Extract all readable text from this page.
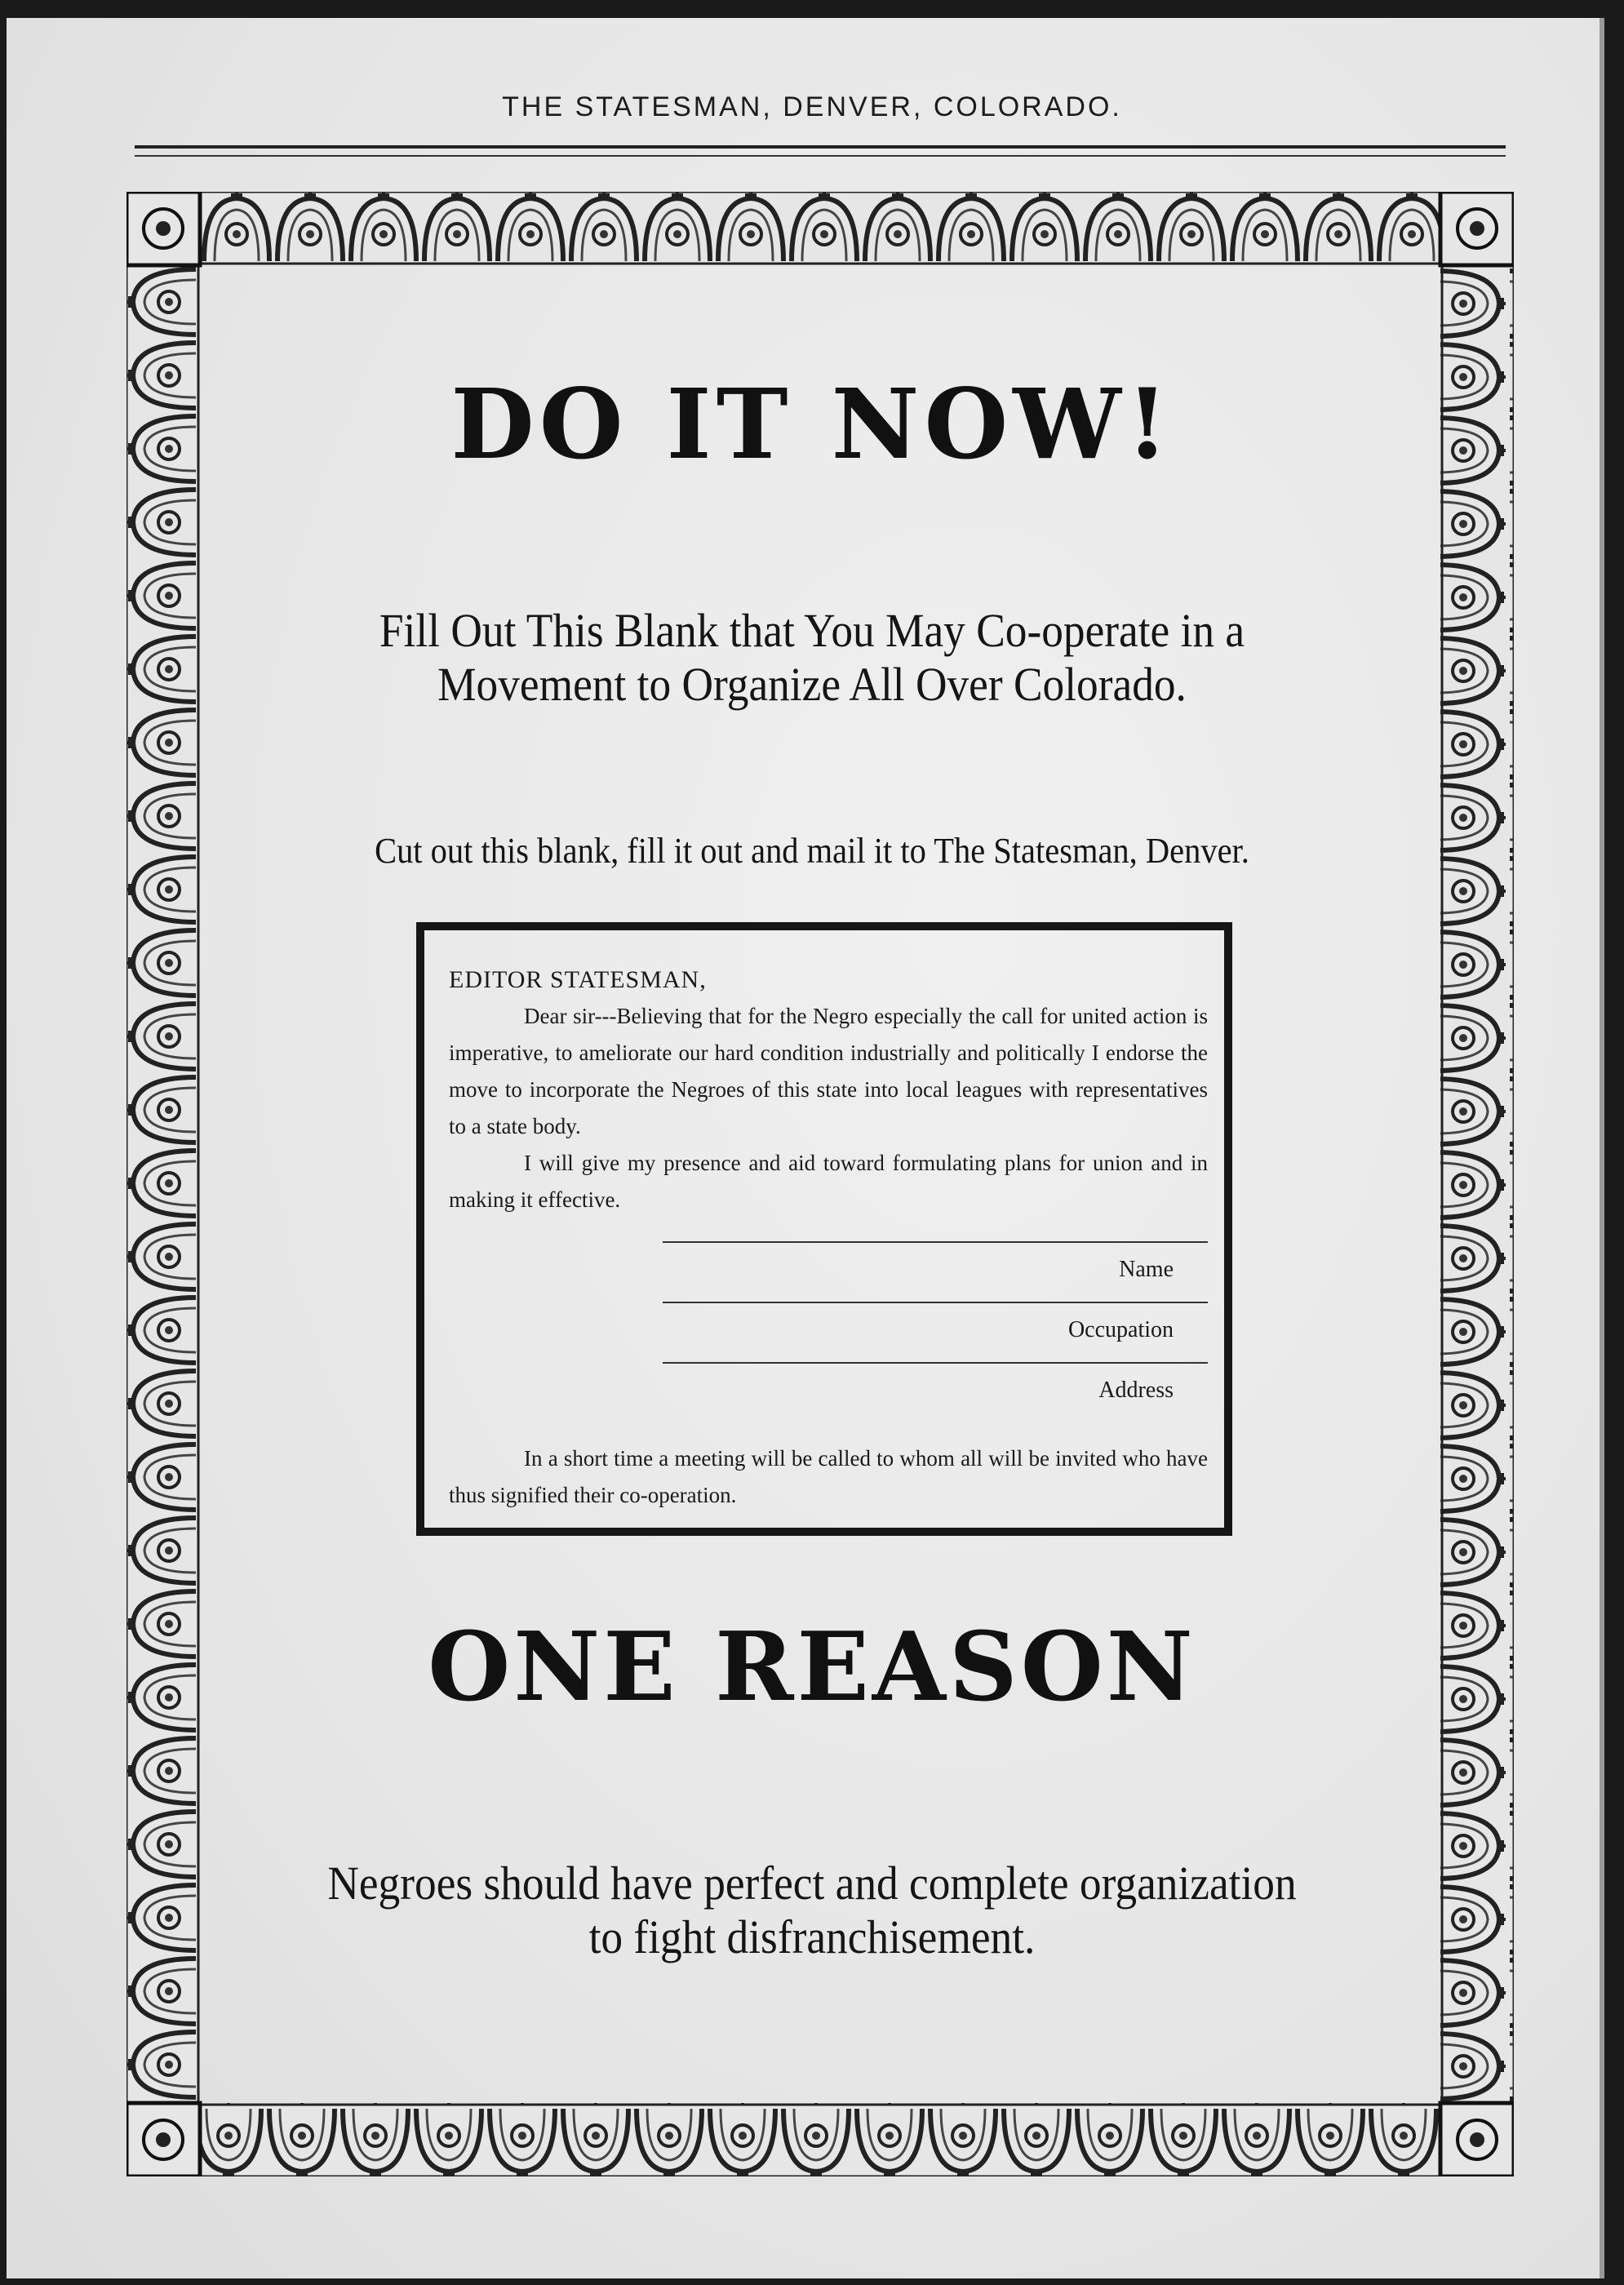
THE STATESMAN, DENVER, COLORADO.
DO IT NOW!
Fill Out This Blank that You May Co-operate in a Movement to Organize All Over Colorado.
Cut out this blank, fill it out and mail it to The Statesman, Denver.
EDITOR STATESMAN,
Dear sir---Believing that for the Negro especially the call for united action is imperative, to ameliorate our hard condition industrially and politically I endorse the move to incorporate the Negroes of this state into local leagues with representatives to a state body.
I will give my presence and aid toward formulating plans for union and in making it effective.
Name
Occupation
Address
In a short time a meeting will be called to whom all will be invited who have thus signified their co-operation.
ONE REASON
Negroes should have perfect and complete organization to fight disfranchisement.
